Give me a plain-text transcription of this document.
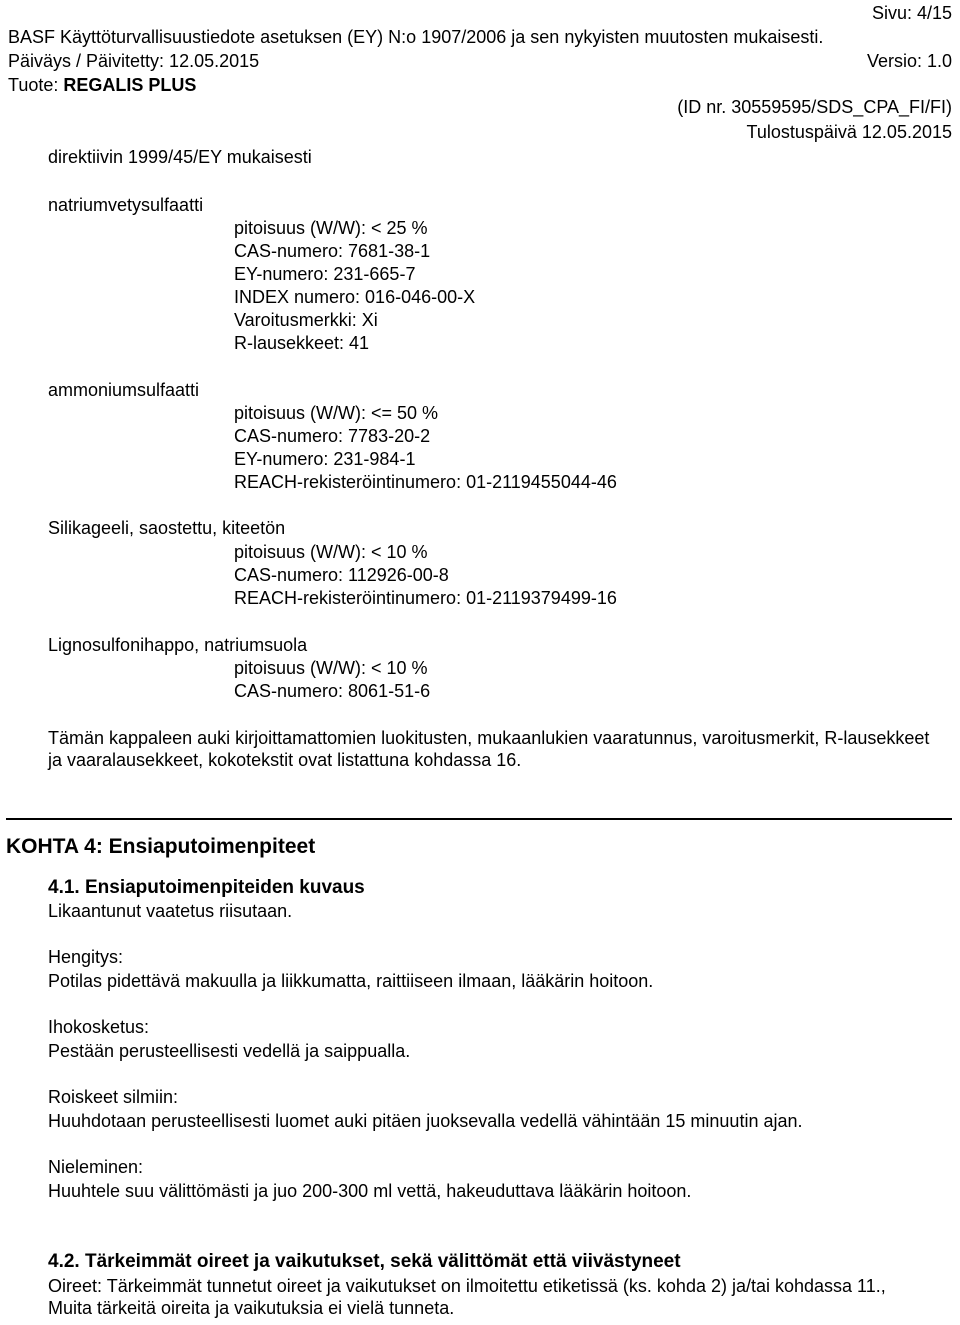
Sivu: 4/15
BASF Käyttöturvallisuustiedote asetuksen (EY) N:o 1907/2006 ja sen nykyisten muutosten mukaisesti.
Päiväys / Päivitetty: 12.05.2015	Versio: 1.0
Tuote: REGALIS PLUS
(ID nr. 30559595/SDS_CPA_FI/FI)
Tulostuspäivä 12.05.2015
direktiivin 1999/45/EY mukaisesti
natriumvetysulfaatti
pitoisuus (W/W): < 25 %
CAS-numero: 7681-38-1
EY-numero: 231-665-7
INDEX numero: 016-046-00-X
Varoitusmerkki: Xi
R-lausekkeet: 41
ammoniumsulfaatti
pitoisuus (W/W): <= 50 %
CAS-numero: 7783-20-2
EY-numero: 231-984-1
REACH-rekisteröintinumero: 01-2119455044-46
Silikageeli, saostettu, kiteetön
pitoisuus (W/W): < 10 %
CAS-numero: 112926-00-8
REACH-rekisteröintinumero: 01-2119379499-16
Lignosulfonihappo, natriumsuola
pitoisuus (W/W): < 10 %
CAS-numero: 8061-51-6
Tämän kappaleen auki kirjoittamattomien luokitusten, mukaanlukien vaaratunnus, varoitusmerkit, R-lausekkeet ja vaaralausekkeet, kokotekstit ovat listattuna kohdassa 16.
KOHTA 4: Ensiaputoimenpiteet
4.1. Ensiaputoimenpiteiden kuvaus
Likaantunut vaatetus riisutaan.
Hengitys:
Potilas pidettävä makuulla ja liikkumatta, raittiiseen ilmaan, lääkärin hoitoon.
Ihokosketus:
Pestään perusteellisesti vedellä ja saippualla.
Roiskeet silmiin:
Huuhdotaan perusteellisesti luomet auki pitäen juoksevalla vedellä vähintään 15 minuutin ajan.
Nieleminen:
Huuhtele suu välittömästi ja juo 200-300 ml vettä, hakeuduttava lääkärin hoitoon.
4.2. Tärkeimmät oireet ja vaikutukset, sekä välittömät että viivästyneet
Oireet: Tärkeimmät tunnetut oireet ja vaikutukset on ilmoitettu etiketissä (ks. kohda 2) ja/tai kohdassa 11., Muita tärkeitä oireita ja vaikutuksia ei vielä tunneta.
